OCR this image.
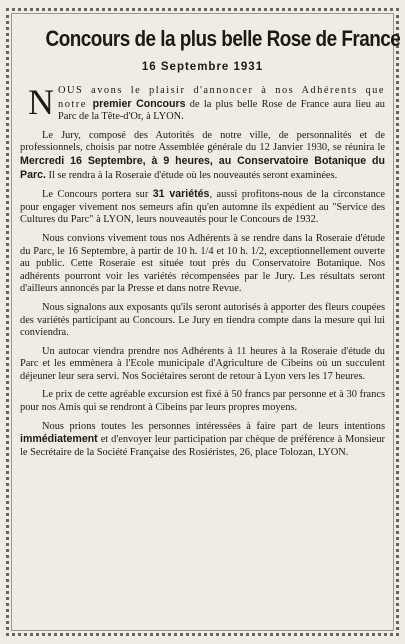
Concours de la plus belle Rose de France
16 Septembre 1931

NOUS avons le plaisir d'annoncer à nos Adhérents que notre premier Concours de la plus belle Rose de France aura lieu au Parc de la Tête-d'Or, à LYON.

Le Jury, composé des Autorités de notre ville, de personnalités et de professionnels, choisis par notre Assemblée générale du 12 Janvier 1930, se réunira le Mercredi 16 Septembre, à 9 heures, au Conservatoire Botanique du Parc. Il se rendra à la Roseraie d'étude où les nouveautés seront examinées.

Le Concours portera sur 31 variétés, aussi profitons-nous de la circonstance pour engager vivement nos semeurs afin qu'en automne ils expédient au "Service des Cultures du Parc" à LYON, leurs nouveautés pour le Concours de 1932.

Nous convions vivement tous nos Adhérents à se rendre dans la Roseraie d'étude du Parc, le 16 Septembre, à partir de 10 h. 1/4 et 10 h. 1/2, exceptionnellement ouverte au public. Cette Roseraie est située tout près du Conservatoire Botanique. Nos adhérents pourront voir les variétés récompensées par le Jury. Les résultats seront d'ailleurs annoncés par la Presse et dans notre Revue.

Nous signalons aux exposants qu'ils seront autorisés à apporter des fleurs coupées des variétés participant au Concours. Le Jury en tiendra compte dans la mesure qui lui conviendra.

Un autocar viendra prendre nos Adhérents à 11 heures à la Roseraie d'étude du Parc et les emmènera à l'Ecole municipale d'Agriculture de Cibeins où un succulent déjeuner leur sera servi. Nos Sociétaires seront de retour à Lyon vers les 17 heures.

Le prix de cette agréable excursion est fixé à 50 francs par personne et à 30 francs pour nos Amis qui se rendront à Cibeins par leurs propres moyens.

Nous prions toutes les personnes intéressées à faire part de leurs intentions immédiatement et d'envoyer leur participation par chèque de préférence à Monsieur le Secrétaire de la Société Française des Rosiéristes, 26, place Tolozan, LYON.
